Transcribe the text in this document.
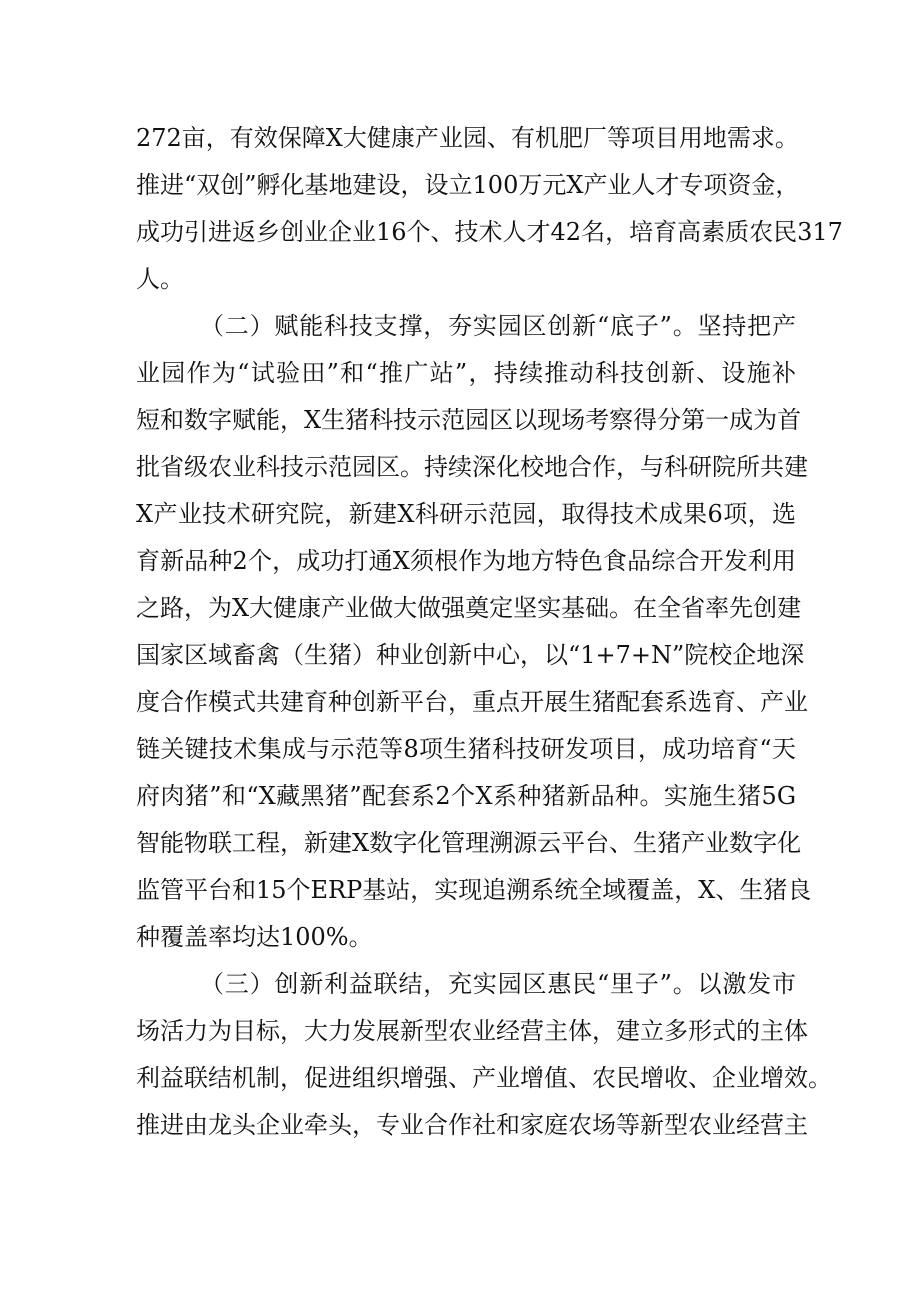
272亩，有效保障X大健康产业园、有机肥厂等项目用地需求。
推进“双创”孵化基地建设，设立100万元X产业人才专项资金，
成功引进返乡创业企业16个、技术人才42名，培育高素质农民317
人。
（二）赋能科技支撑，夯实园区创新“底子”。坚持把产
业园作为“试验田”和“推广站”，持续推动科技创新、设施补
短和数字赋能，X生猪科技示范园区以现场考察得分第一成为首
批省级农业科技示范园区。持续深化校地合作，与科研院所共建
X产业技术研究院，新建X科研示范园，取得技术成果6项，选
育新品种2个，成功打通X须根作为地方特色食品综合开发利用
之路，为X大健康产业做大做强奠定坚实基础。在全省率先创建
国家区域畜禽（生猪）种业创新中心，以“1+7+N”院校企地深
度合作模式共建育种创新平台，重点开展生猪配套系选育、产业
链关键技术集成与示范等8项生猪科技研发项目，成功培育“天
府肉猪”和“X藏黑猪”配套系2个X系种猪新品种。实施生猪5G
智能物联工程，新建X数字化管理溯源云平台、生猪产业数字化
监管平台和15个ERP基站，实现追溯系统全域覆盖，X、生猪良
种覆盖率均达100%。
（三）创新利益联结，充实园区惠民“里子”。以激发市
场活力为目标，大力发展新型农业经营主体，建立多形式的主体
利益联结机制，促进组织增强、产业增值、农民增收、企业增效。
推进由龙头企业牵头，专业合作社和家庭农场等新型农业经营主
